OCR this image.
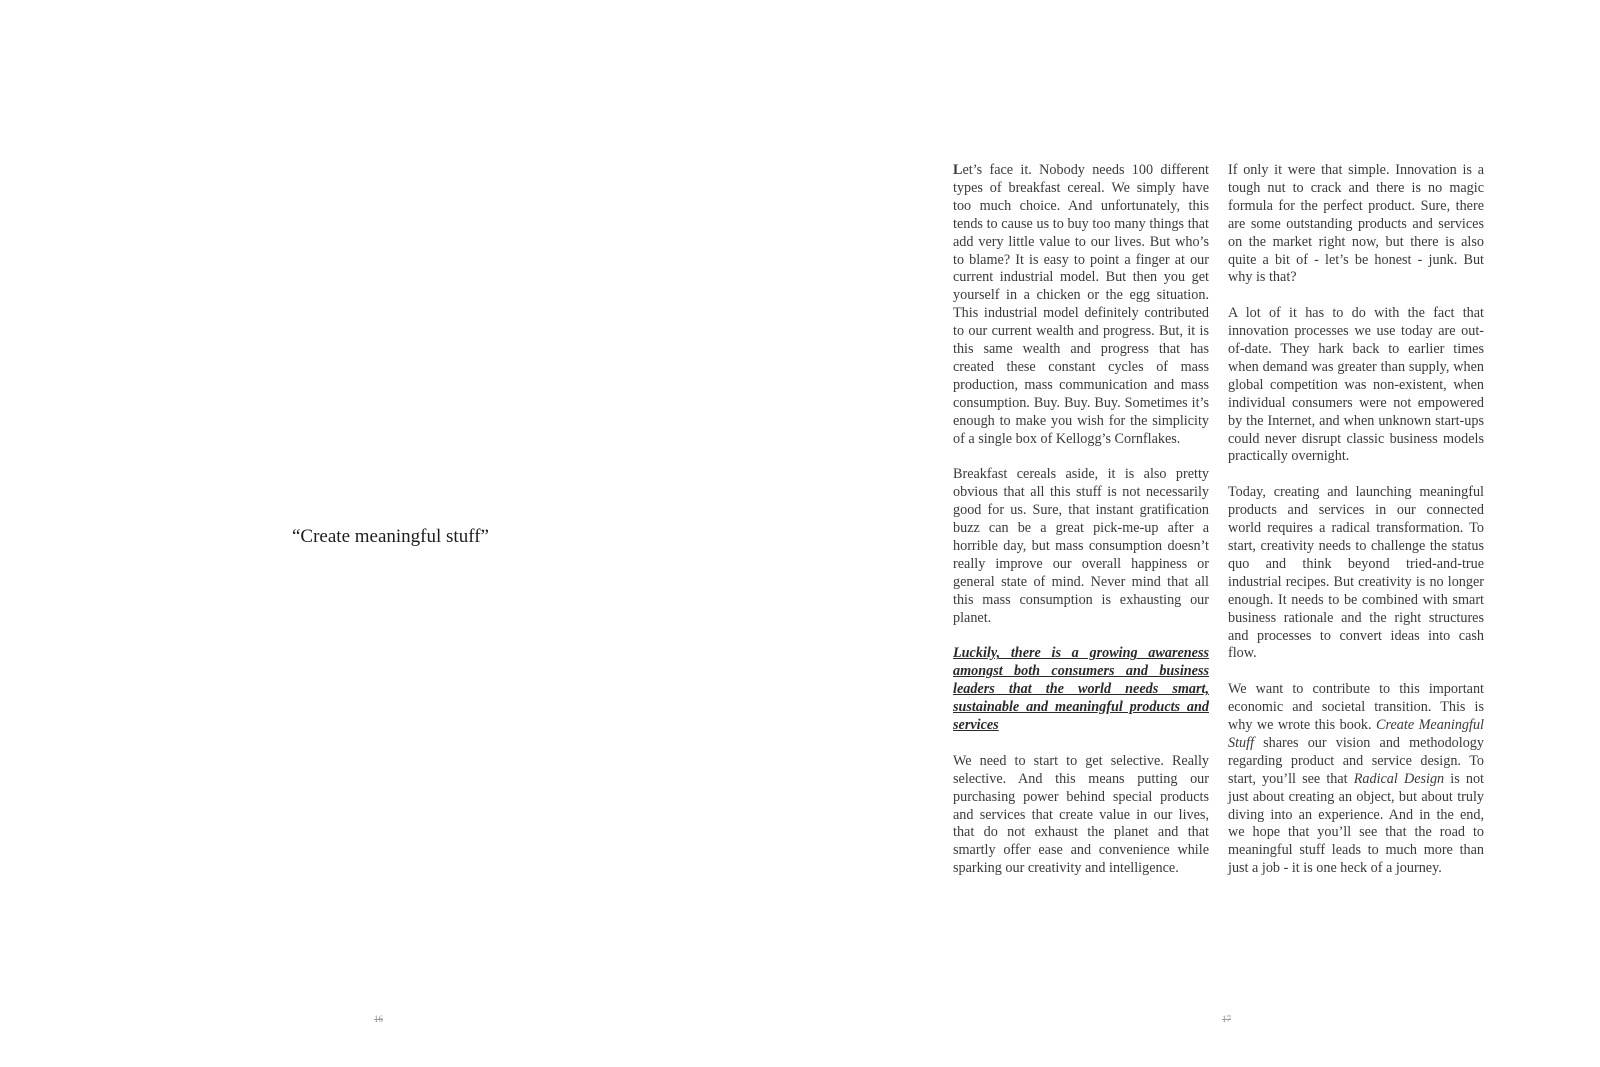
“Create meaningful stuff”
16

Let’s face it. Nobody needs 100 different types of breakfast cereal. We simply have too much choice. And unfortunately, this tends to cause us to buy too many things that add very little value to our lives. But who’s to blame? It is easy to point a finger at our current industrial model. But then you get yourself in a chicken or the egg situation. This industrial model definitely contributed to our current wealth and progress. But, it is this same wealth and progress that has created these constant cycles of mass production, mass communication and mass consumption. Buy. Buy. Buy. Sometimes it’s enough to make you wish for the simplicity of a single box of Kellogg’s Cornflakes.

Breakfast cereals aside, it is also pretty obvious that all this stuff is not necessarily good for us. Sure, that instant gratification buzz can be a great pick-me-up after a horrible day, but mass consumption doesn’t really improve our overall happiness or general state of mind. Never mind that all this mass consumption is exhausting our planet.

Luckily, there is a growing awareness amongst both consumers and business leaders that the world needs smart, sustainable and meaningful products and services

We need to start to get selective. Really selective. And this means putting our purchasing power behind special products and services that create value in our lives, that do not exhaust the planet and that smartly offer ease and convenience while sparking our creativity and intelligence.

If only it were that simple. Innovation is a tough nut to crack and there is no magic formula for the perfect product. Sure, there are some outstanding products and services on the market right now, but there is also quite a bit of - let’s be honest - junk. But why is that?

A lot of it has to do with the fact that innovation processes we use today are out-of-date. They hark back to earlier times when demand was greater than supply, when global competition was non-existent, when individual consumers were not empowered by the Internet, and when unknown start-ups could never disrupt classic business models practically overnight.

Today, creating and launching meaningful products and services in our connected world requires a radical transformation. To start, creativity needs to challenge the status quo and think beyond tried-and-true industrial recipes. But creativity is no longer enough. It needs to be combined with smart business rationale and the right structures and processes to convert ideas into cash flow.

We want to contribute to this important economic and societal transition. This is why we wrote this book. Create Meaningful Stuff shares our vision and methodology regarding product and service design. To start, you’ll see that Radical Design is not just about creating an object, but about truly diving into an experience. And in the end, we hope that you’ll see that the road to meaningful stuff leads to much more than just a job - it is one heck of a journey.

17
